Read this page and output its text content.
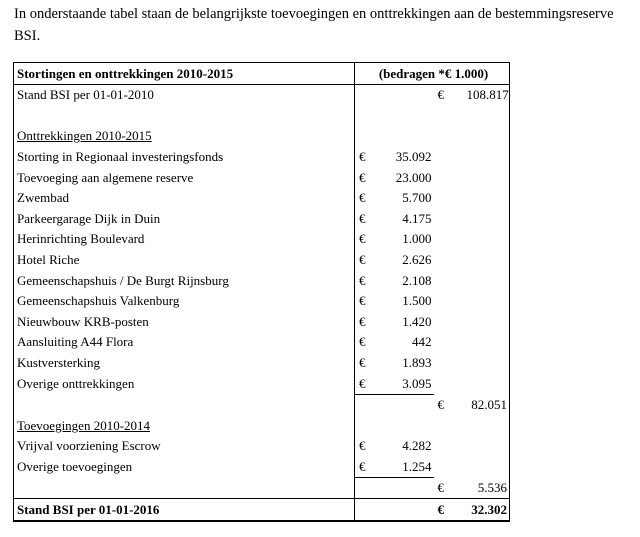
In onderstaande tabel staan de belangrijkste toevoegingen en onttrekkingen aan de bestemmingsreserve BSI.

Stortingen en onttrekkingen 2010-2015	(bedragen *€ 1.000)			
Stand BSI per 01-01-2010			€	108.817

Onttrekkingen 2010-2015				
Storting in Regionaal investeringsfonds	€	35.092		
Toevoeging aan algemene reserve	€	23.000		
Zwembad	€	5.700		
Parkeergarage Dijk in Duin	€	4.175		
Herinrichting Boulevard	€	1.000		
Hotel Riche	€	2.626		
Gemeenschapshuis / De Burgt Rijnsburg	€	2.108		
Gemeenschapshuis Valkenburg	€	1.500		
Nieuwbouw KRB-posten	€	1.420		
Aansluiting A44 Flora	€	442		
Kustversterking	€	1.893		
Overige onttrekkingen	€	3.095		
			€	82.051
Toevoegingen 2010-2014				
Vrijval voorziening Escrow	€	4.282		
Overige toevoegingen	€	1.254		
			€	5.536
Stand BSI per 01-01-2016			€	32.302
